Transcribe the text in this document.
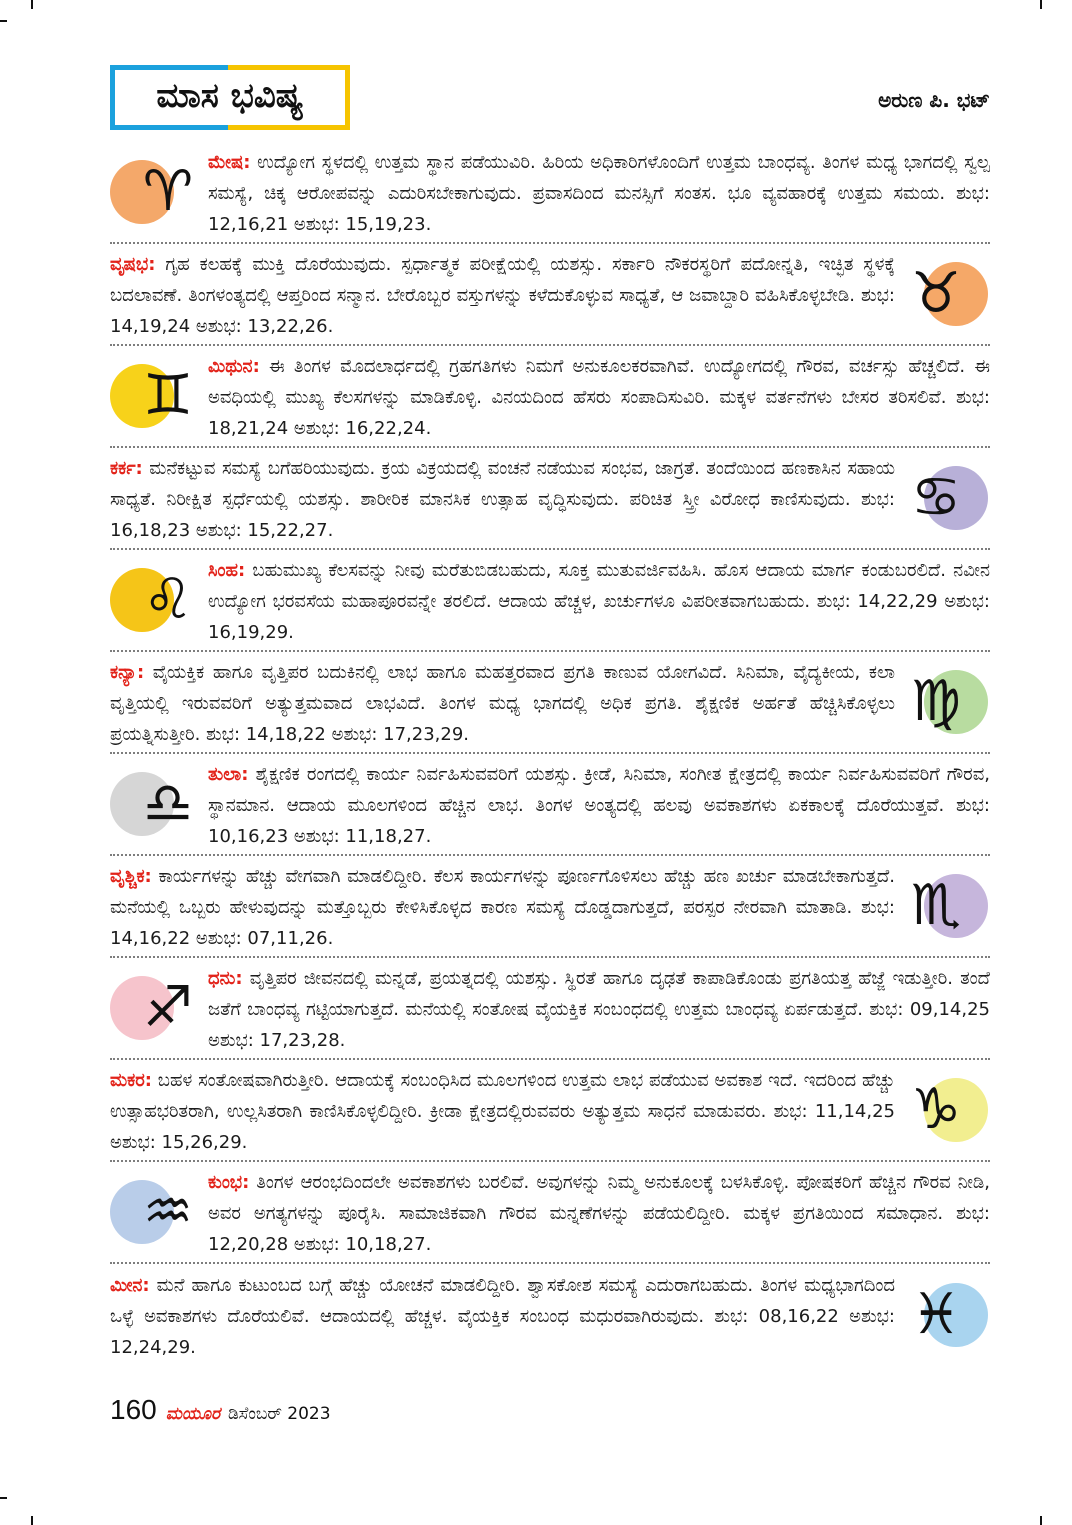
ಮಾಸ ಭವಿಷ್ಯ	ಅರುಣ ಪಿ. ಭಟ್
♈︎ ಮೇಷ: ಉದ್ಯೋಗ ಸ್ಥಳದಲ್ಲಿ ಉತ್ತಮ ಸ್ಥಾನ ಪಡೆಯುವಿರಿ. ಹಿರಿಯ ಅಧಿಕಾರಿಗಳೊಂದಿಗೆ ಉತ್ತಮ ಬಾಂಧವ್ಯ. ತಿಂಗಳ ಮಧ್ಯ ಭಾಗದಲ್ಲಿ ಸ್ವಲ್ಪ ಸಮಸ್ಯೆ, ಚಿಕ್ಕ ಆರೋಪವನ್ನು ಎದುರಿಸಬೇಕಾಗುವುದು. ಪ್ರವಾಸದಿಂದ ಮನಸ್ಸಿಗೆ ಸಂತಸ. ಭೂ ವ್ಯವಹಾರಕ್ಕೆ ಉತ್ತಮ ಸಮಯ. ಶುಭ: 12,16,21 ಅಶುಭ: 15,19,23.

ವೃಷಭ: ಗೃಹ ಕಲಹಕ್ಕೆ ಮುಕ್ತಿ ದೊರೆಯುವುದು. ಸ್ಪರ್ಧಾತ್ಮಕ ಪರೀಕ್ಷೆಯಲ್ಲಿ ಯಶಸ್ಸು. ಸರ್ಕಾರಿ ನೌಕರಸ್ಥರಿಗೆ ಪದೋನ್ನತಿ, ಇಚ್ಛಿತ ಸ್ಥಳಕ್ಕೆ ಬದಲಾವಣೆ. ತಿಂಗಳಂತ್ಯದಲ್ಲಿ ಆಪ್ತರಿಂದ ಸನ್ಮಾನ. ಬೇರೊಬ್ಬರ ವಸ್ತುಗಳನ್ನು ಕಳೆದುಕೊಳ್ಳುವ ಸಾಧ್ಯತೆ, ಆ ಜವಾಬ್ದಾರಿ ವಹಿಸಿಕೊಳ್ಳಬೇಡಿ. ಶುಭ: 14,19,24 ಅಶುಭ: 13,22,26.

♉︎
♊︎ ಮಿಥುನ: ಈ ತಿಂಗಳ ಮೊದಲಾರ್ಧದಲ್ಲಿ ಗ್ರಹಗತಿಗಳು ನಿಮಗೆ ಅನುಕೂಲಕರವಾಗಿವೆ. ಉದ್ಯೋಗದಲ್ಲಿ ಗೌರವ, ವರ್ಚಸ್ಸು ಹೆಚ್ಚಲಿದೆ. ಈ ಅವಧಿಯಲ್ಲಿ ಮುಖ್ಯ ಕೆಲಸಗಳನ್ನು ಮಾಡಿಕೊಳ್ಳಿ. ವಿನಯದಿಂದ ಹೆಸರು ಸಂಪಾದಿಸುವಿರಿ. ಮಕ್ಕಳ ವರ್ತನೆಗಳು ಬೇಸರ ತರಿಸಲಿವೆ. ಶುಭ: 18,21,24 ಅಶುಭ: 16,22,24.

ಕರ್ಕ: ಮನೆಕಟ್ಟುವ ಸಮಸ್ಯೆ ಬಗೆಹರಿಯುವುದು. ಕ್ರಯ ವಿಕ್ರಯದಲ್ಲಿ ವಂಚನೆ ನಡೆಯುವ ಸಂಭವ, ಜಾಗ್ರತೆ. ತಂದೆಯಿಂದ ಹಣಕಾಸಿನ ಸಹಾಯ ಸಾಧ್ಯತೆ. ನಿರೀಕ್ಷಿತ ಸ್ಪರ್ಧೆಯಲ್ಲಿ ಯಶಸ್ಸು. ಶಾರೀರಿಕ ಮಾನಸಿಕ ಉತ್ಸಾಹ ವೃದ್ಧಿಸುವುದು. ಪರಿಚಿತ ಸ್ತ್ರೀ ವಿರೋಧ ಕಾಣಿಸುವುದು. ಶುಭ: 16,18,23 ಅಶುಭ: 15,22,27.

♋︎
♌︎ ಸಿಂಹ: ಬಹುಮುಖ್ಯ ಕೆಲಸವನ್ನು ನೀವು ಮರೆತುಬಿಡಬಹುದು, ಸೂಕ್ತ ಮುತುವರ್ಜಿವಹಿಸಿ. ಹೊಸ ಆದಾಯ ಮಾರ್ಗ ಕಂಡುಬರಲಿದೆ. ನವೀನ ಉದ್ಯೋಗ ಭರವಸೆಯ ಮಹಾಪೂರವನ್ನೇ ತರಲಿದೆ. ಆದಾಯ ಹೆಚ್ಚಳ, ಖರ್ಚುಗಳೂ ವಿಪರೀತವಾಗಬಹುದು. ಶುಭ: 14,22,29 ಅಶುಭ: 16,19,29.

ಕನ್ಯಾ: ವೈಯಕ್ತಿಕ ಹಾಗೂ ವೃತ್ತಿಪರ ಬದುಕಿನಲ್ಲಿ ಲಾಭ ಹಾಗೂ ಮಹತ್ತರವಾದ ಪ್ರಗತಿ ಕಾಣುವ ಯೋಗವಿದೆ. ಸಿನಿಮಾ, ವೈದ್ಯಕೀಯ, ಕಲಾ ವೃತ್ತಿಯಲ್ಲಿ ಇರುವವರಿಗೆ ಅತ್ಯುತ್ತಮವಾದ ಲಾಭವಿದೆ. ತಿಂಗಳ ಮಧ್ಯ ಭಾಗದಲ್ಲಿ ಅಧಿಕ ಪ್ರಗತಿ. ಶೈಕ್ಷಣಿಕ ಅರ್ಹತೆ ಹೆಚ್ಚಿಸಿಕೊಳ್ಳಲು ಪ್ರಯತ್ನಿಸುತ್ತೀರಿ. ಶುಭ: 14,18,22 ಅಶುಭ: 17,23,29.

♍︎
♎︎ ತುಲಾ: ಶೈಕ್ಷಣಿಕ ರಂಗದಲ್ಲಿ ಕಾರ್ಯ ನಿರ್ವಹಿಸುವವರಿಗೆ ಯಶಸ್ಸು. ಕ್ರೀಡೆ, ಸಿನಿಮಾ, ಸಂಗೀತ ಕ್ಷೇತ್ರದಲ್ಲಿ ಕಾರ್ಯ ನಿರ್ವಹಿಸುವವರಿಗೆ ಗೌರವ, ಸ್ಥಾನಮಾನ. ಆದಾಯ ಮೂಲಗಳಿಂದ ಹೆಚ್ಚಿನ ಲಾಭ. ತಿಂಗಳ ಅಂತ್ಯದಲ್ಲಿ ಹಲವು ಅವಕಾಶಗಳು ಏಕಕಾಲಕ್ಕೆ ದೊರೆಯುತ್ತವೆ. ಶುಭ: 10,16,23 ಅಶುಭ: 11,18,27.

ವೃಶ್ಚಿಕ: ಕಾರ್ಯಗಳನ್ನು ಹೆಚ್ಚು ವೇಗವಾಗಿ ಮಾಡಲಿದ್ದೀರಿ. ಕೆಲಸ ಕಾರ್ಯಗಳನ್ನು ಪೂರ್ಣಗೊಳಿಸಲು ಹೆಚ್ಚು ಹಣ ಖರ್ಚು ಮಾಡಬೇಕಾಗುತ್ತದೆ. ಮನೆಯಲ್ಲಿ ಒಬ್ಬರು ಹೇಳುವುದನ್ನು ಮತ್ತೊಬ್ಬರು ಕೇಳಿಸಿಕೊಳ್ಳದ ಕಾರಣ ಸಮಸ್ಯೆ ದೊಡ್ಡದಾಗುತ್ತದೆ, ಪರಸ್ಪರ ನೇರವಾಗಿ ಮಾತಾಡಿ. ಶುಭ: 14,16,22 ಅಶುಭ: 07,11,26.

♏︎
♐︎ ಧನು: ವೃತ್ತಿಪರ ಜೀವನದಲ್ಲಿ ಮನ್ನಡೆ, ಪ್ರಯತ್ನದಲ್ಲಿ ಯಶಸ್ಸು. ಸ್ಥಿರತೆ ಹಾಗೂ ದೃಢತೆ ಕಾಪಾಡಿಕೊಂಡು ಪ್ರಗತಿಯತ್ತ ಹೆಜ್ಜೆ ಇಡುತ್ತೀರಿ. ತಂದೆ ಜತೆಗೆ ಬಾಂಧವ್ಯ ಗಟ್ಟಿಯಾಗುತ್ತದೆ. ಮನೆಯಲ್ಲಿ ಸಂತೋಷ ವೈಯಕ್ತಿಕ ಸಂಬಂಧದಲ್ಲಿ ಉತ್ತಮ ಬಾಂಧವ್ಯ ಏರ್ಪಡುತ್ತದೆ. ಶುಭ: 09,14,25 ಅಶುಭ: 17,23,28.

ಮಕರ: ಬಹಳ ಸಂತೋಷವಾಗಿರುತ್ತೀರಿ. ಆದಾಯಕ್ಕೆ ಸಂಬಂಧಿಸಿದ ಮೂಲಗಳಿಂದ ಉತ್ತಮ ಲಾಭ ಪಡೆಯುವ ಅವಕಾಶ ಇದೆ. ಇದರಿಂದ ಹೆಚ್ಚು ಉತ್ಸಾಹಭರಿತರಾಗಿ, ಉಲ್ಲಸಿತರಾಗಿ ಕಾಣಿಸಿಕೊಳ್ಳಲಿದ್ದೀರಿ. ಕ್ರೀಡಾ ಕ್ಷೇತ್ರದಲ್ಲಿರುವವರು ಅತ್ಯುತ್ತಮ ಸಾಧನೆ ಮಾಡುವರು. ಶುಭ: 11,14,25 ಅಶುಭ: 15,26,29.

♑︎
♒︎ ಕುಂಭ: ತಿಂಗಳ ಆರಂಭದಿಂದಲೇ ಅವಕಾಶಗಳು ಬರಲಿವೆ. ಅವುಗಳನ್ನು ನಿಮ್ಮ ಅನುಕೂಲಕ್ಕೆ ಬಳಸಿಕೊಳ್ಳಿ. ಪೋಷಕರಿಗೆ ಹೆಚ್ಚಿನ ಗೌರವ ನೀಡಿ, ಅವರ ಅಗತ್ಯಗಳನ್ನು ಪೂರೈಸಿ. ಸಾಮಾಜಿಕವಾಗಿ ಗೌರವ ಮನ್ನಣೆಗಳನ್ನು ಪಡೆಯಲಿದ್ದೀರಿ. ಮಕ್ಕಳ ಪ್ರಗತಿಯಿಂದ ಸಮಾಧಾನ. ಶುಭ: 12,20,28 ಅಶುಭ: 10,18,27.

ಮೀನ: ಮನೆ ಹಾಗೂ ಕುಟುಂಬದ ಬಗ್ಗೆ ಹೆಚ್ಚು ಯೋಚನೆ ಮಾಡಲಿದ್ದೀರಿ. ಶ್ವಾಸಕೋಶ ಸಮಸ್ಯೆ ಎದುರಾಗಬಹುದು. ತಿಂಗಳ ಮಧ್ಯಭಾಗದಿಂದ ಒಳ್ಳೆ ಅವಕಾಶಗಳು ದೊರೆಯಲಿವೆ. ಆದಾಯದಲ್ಲಿ ಹೆಚ್ಚಳ. ವೈಯಕ್ತಿಕ ಸಂಬಂಧ ಮಧುರವಾಗಿರುವುದು. ಶುಭ: 08,16,22 ಅಶುಭ: 12,24,29.

♓︎
160 ಮಯೂರ ಡಿಸೆಂಬರ್ 2023
